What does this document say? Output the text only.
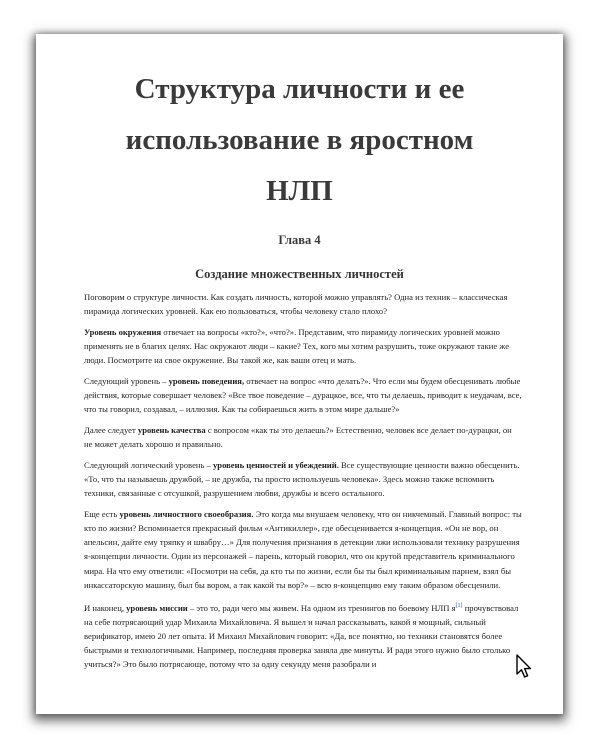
Структура личности и ее
использование в яростном
НЛП
Глава 4
Создание множественных личностей

Поговорим о структуре личности. Как создать личность, которой можно управлять? Одна из техник – классическая пирамида логических уровней. Как ею пользоваться, чтобы человеку стало плохо?

Уровень окружения отвечает на вопросы «кто?», «что?». Представим, что пирамиду логических уровней можно применять не в благих целях. Нас окружают люди – какие? Тех, кого мы хотим разрушить, тоже окружают такие же люди. Посмотрите на свое окружение. Вы такой же, как ваши отец и мать.

Следующий уровень – уровень поведения, отвечает на вопрос «что делать?». Что если мы будем обесценивать любые действия, которые совершает человек? «Все твое поведение – дурацкое, все, что ты делаешь, приводит к неудачам, все, что ты говорил, создавал, – иллюзия. Как ты собираешься жить в этом мире дальше?»

Далее следует уровень качества с вопросом «как ты это делаешь?» Естественно, человек все делает по-дурацки, он не может делать хорошо и правильно.

Следующий логический уровень – уровень ценностей и убеждений. Все существующие ценности важно обесценить. «То, что ты называешь дружбой, – не дружба, ты просто используешь человека». Здесь можно также вспомнить техники, связанные с отсушкой, разрушением любви, дружбы и всего остального.

Еще есть уровень личностного своеобразия. Это когда мы внушаем человеку, что он никчемный. Главный вопрос: ты кто по жизни? Вспоминается прекрасный фильм «Антикиллер», где обесценивается я-концепция. «Он не вор, он апельсин, дайте ему тряпку и швабру…» Для получения признания в детекции лжи использовали технику разрушения я-концепции личности. Один из персонажей – парень, который говорил, что он крутой представитель криминального мира. На что ему ответили: «Посмотри на себя, да кто ты по жизни, если бы ты был криминальным парнем, взял бы инкассаторскую машину, был бы вором, а так какой ты вор?» – всю я-концепцию ему таким образом обесценили.

И наконец, уровень миссии – это то, ради чего мы живем. На одном из тренингов по боевому НЛП я[1] прочувствовал на себе потрясающий удар Михаила Михайловича. Я вышел и начал рассказывать, какой я мощный, сильный верификатор, имею 20 лет опыта. И Михаил Михайлович говорит: «Да, все понятно, но техники становятся более быстрыми и технологичными. Например, последняя проверка заняла две минуты. И ради этого нужно было столько учиться?» Это было потрясающе, потому что за одну секунду меня разобрали и
